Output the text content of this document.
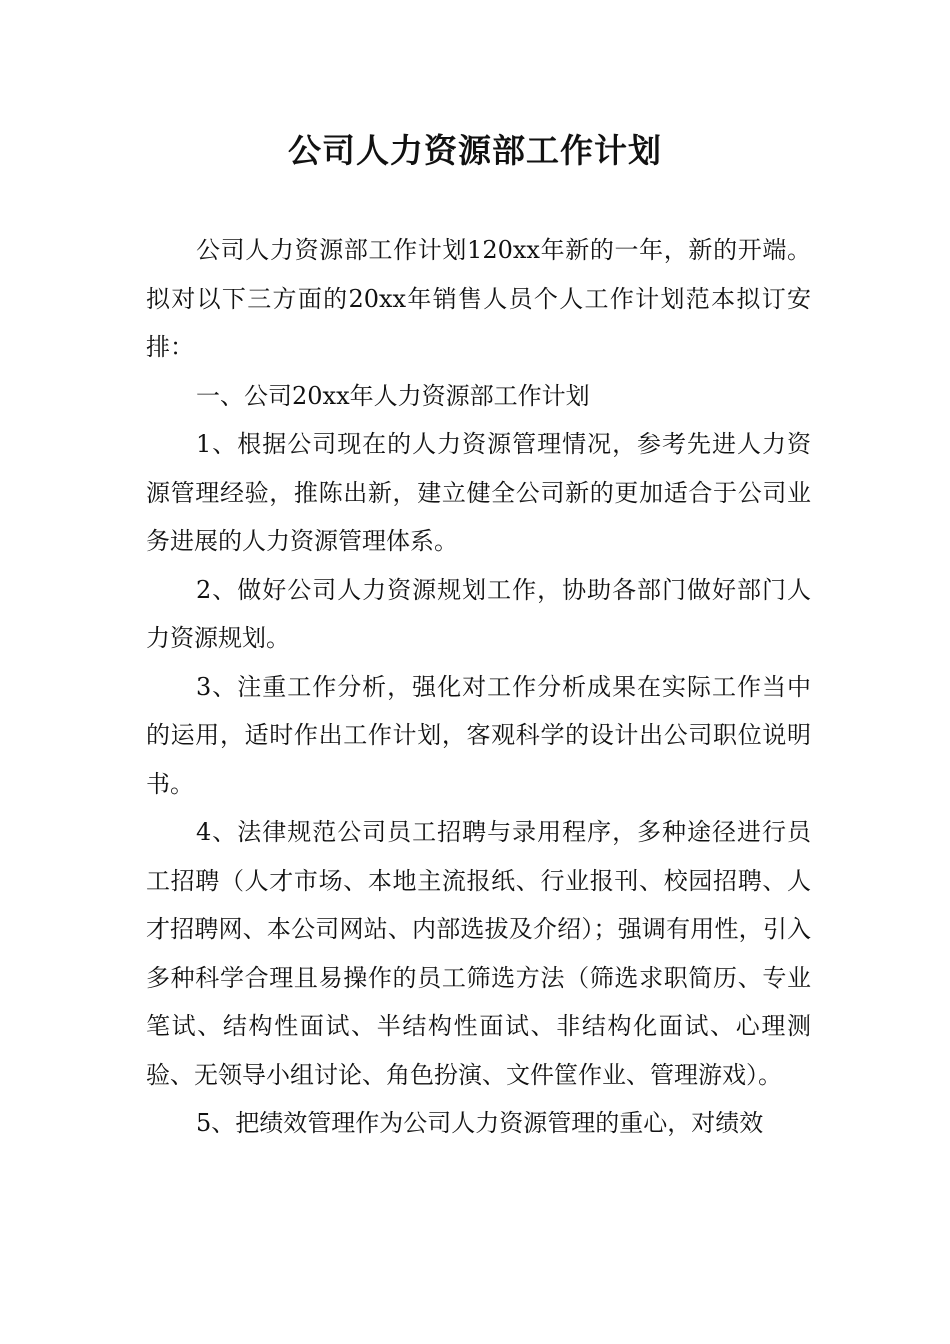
公司人力资源部工作计划

公司人力资源部工作计划120xx年新的一年，新的开端。拟对以下三方面的20xx年销售人员个人工作计划范本拟订安排：

一、公司20xx年人力资源部工作计划

1、根据公司现在的人力资源管理情况，参考先进人力资源管理经验，推陈出新，建立健全公司新的更加适合于公司业务进展的人力资源管理体系。

2、做好公司人力资源规划工作，协助各部门做好部门人力资源规划。

3、注重工作分析，强化对工作分析成果在实际工作当中的运用，适时作出工作计划，客观科学的设计出公司职位说明书。

4、法律规范公司员工招聘与录用程序，多种途径进行员工招聘（人才市场、本地主流报纸、行业报刊、校园招聘、人才招聘网、本公司网站、内部选拔及介绍）；强调有用性，引入多种科学合理且易操作的员工筛选方法（筛选求职简历、专业笔试、结构性面试、半结构性面试、非结构化面试、心理测验、无领导小组讨论、角色扮演、文件筐作业、管理游戏）。

5、把绩效管理作为公司人力资源管理的重心，对绩效
